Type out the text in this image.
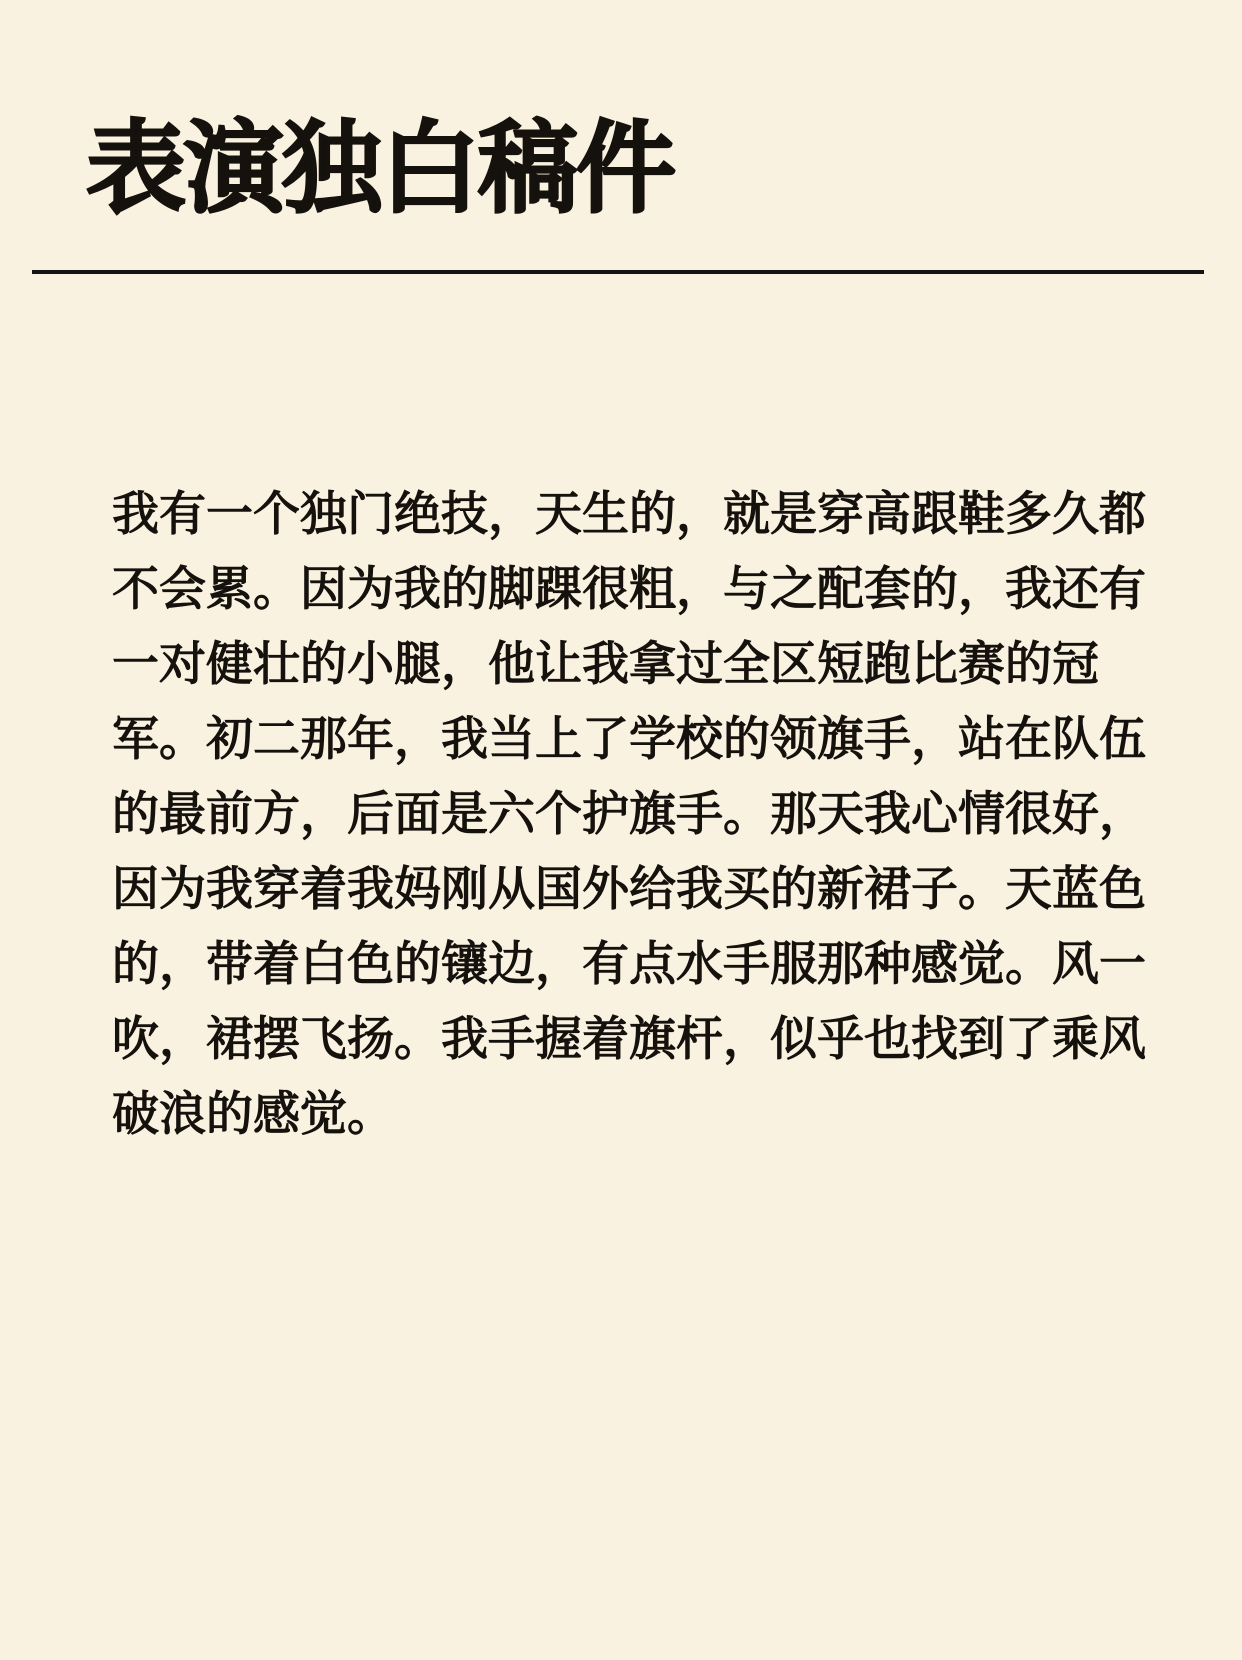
表演独白稿件

我有一个独门绝技，天生的，就是穿高跟鞋多久都

不会累。因为我的脚踝很粗，与之配套的，我还有

一对健壮的小腿，他让我拿过全区短跑比赛的冠

军。初二那年，我当上了学校的领旗手，站在队伍

的最前方，后面是六个护旗手。那天我心情很好，

因为我穿着我妈刚从国外给我买的新裙子。天蓝色

的，带着白色的镶边，有点水手服那种感觉。风一

吹，裙摆飞扬。我手握着旗杆，似乎也找到了乘风

破浪的感觉。
